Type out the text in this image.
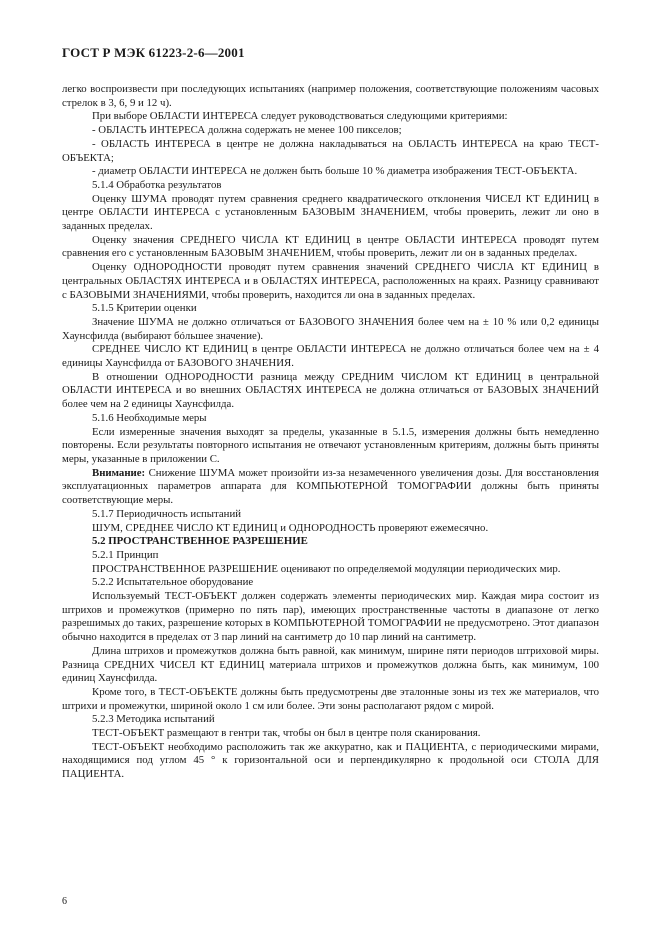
ГОСТ Р МЭК 61223-2-6—2001

легко воспроизвести при последующих испытаниях (например положения, соответствующие положениям часовых стрелок в 3, 6, 9 и 12 ч).

При выборе ОБЛАСТИ ИНТЕРЕСА следует руководствоваться следующими критериями:

- ОБЛАСТЬ ИНТЕРЕСА должна содержать не менее 100 пикселов;

- ОБЛАСТЬ ИНТЕРЕСА в центре не должна накладываться на ОБЛАСТЬ ИНТЕРЕСА на краю ТЕСТ-ОБЪЕКТА;

- диаметр ОБЛАСТИ ИНТЕРЕСА не должен быть больше 10 % диаметра изображения ТЕСТ-ОБЪЕКТА.

5.1.4 Обработка результатов

Оценку ШУМА проводят путем сравнения среднего квадратического отклонения ЧИСЕЛ КТ ЕДИНИЦ в центре ОБЛАСТИ ИНТЕРЕСА с установленным БАЗОВЫМ ЗНАЧЕНИЕМ, чтобы проверить, лежит ли оно в заданных пределах.

Оценку значения СРЕДНЕГО ЧИСЛА КТ ЕДИНИЦ в центре ОБЛАСТИ ИНТЕРЕСА проводят путем сравнения его с установленным БАЗОВЫМ ЗНАЧЕНИЕМ, чтобы проверить, лежит ли он в заданных пределах.

Оценку ОДНОРОДНОСТИ проводят путем сравнения значений СРЕДНЕГО ЧИСЛА КТ ЕДИНИЦ в центральных ОБЛАСТЯХ ИНТЕРЕСА и в ОБЛАСТЯХ ИНТЕРЕСА, расположенных на краях. Разницу сравнивают с БАЗОВЫМИ ЗНАЧЕНИЯМИ, чтобы проверить, находится ли она в заданных пределах.

5.1.5 Критерии оценки

Значение ШУМА не должно отличаться от БАЗОВОГО ЗНАЧЕНИЯ более чем на ± 10 % или 0,2 единицы Хаунсфилда (выбирают бóльшее значение).

СРЕДНЕЕ ЧИСЛО КТ ЕДИНИЦ в центре ОБЛАСТИ ИНТЕРЕСА не должно отличаться более чем на ± 4 единицы Хаунсфилда от БАЗОВОГО ЗНАЧЕНИЯ.

В отношении ОДНОРОДНОСТИ разница между СРЕДНИМ ЧИСЛОМ КТ ЕДИНИЦ в центральной ОБЛАСТИ ИНТЕРЕСА и во внешних ОБЛАСТЯХ ИНТЕРЕСА не должна отличаться от БАЗОВЫХ ЗНАЧЕНИЙ более чем на 2 единицы Хаунсфилда.

5.1.6 Необходимые меры

Если измеренные значения выходят за пределы, указанные в 5.1.5, измерения должны быть немедленно повторены. Если результаты повторного испытания не отвечают установленным критериям, должны быть приняты меры, указанные в приложении С.

Внимание: Снижение ШУМА может произойти из-за незамеченного увеличения дозы. Для восстановления эксплуатационных параметров аппарата для КОМПЬЮТЕРНОЙ ТОМОГРАФИИ должны быть приняты соответствующие меры.

5.1.7 Периодичность испытаний

ШУМ, СРЕДНЕЕ ЧИСЛО КТ ЕДИНИЦ и ОДНОРОДНОСТЬ проверяют ежемесячно.

5.2 ПРОСТРАНСТВЕННОЕ РАЗРЕШЕНИЕ

5.2.1 Принцип

ПРОСТРАНСТВЕННОЕ РАЗРЕШЕНИЕ оценивают по определяемой модуляции периодических мир.

5.2.2 Испытательное оборудование

Используемый ТЕСТ-ОБЪЕКТ должен содержать элементы периодических мир. Каждая мира состоит из штрихов и промежутков (примерно по пять пар), имеющих пространственные частоты в диапазоне от легко разрешимых до таких, разрешение которых в КОМПЬЮТЕРНОЙ ТОМОГРАФИИ не предусмотрено. Этот диапазон обычно находится в пределах от 3 пар линий на сантиметр до 10 пар линий на сантиметр.

Длина штрихов и промежутков должна быть равной, как минимум, ширине пяти периодов штриховой миры. Разница СРЕДНИХ ЧИСЕЛ КТ ЕДИНИЦ материала штрихов и промежутков должна быть, как минимум, 100 единиц Хаунсфилда.

Кроме того, в ТЕСТ-ОБЪЕКТЕ должны быть предусмотрены две эталонные зоны из тех же материалов, что штрихи и промежутки, шириной около 1 см или более. Эти зоны располагают рядом с мирой.

5.2.3 Методика испытаний

ТЕСТ-ОБЪЕКТ размещают в гентри так, чтобы он был в центре поля сканирования.

ТЕСТ-ОБЪЕКТ необходимо расположить так же аккуратно, как и ПАЦИЕНТА, с периодическими мирами, находящимися под углом 45 ° к горизонтальной оси и перпендикулярно к продольной оси СТОЛА ДЛЯ ПАЦИЕНТА.

6
